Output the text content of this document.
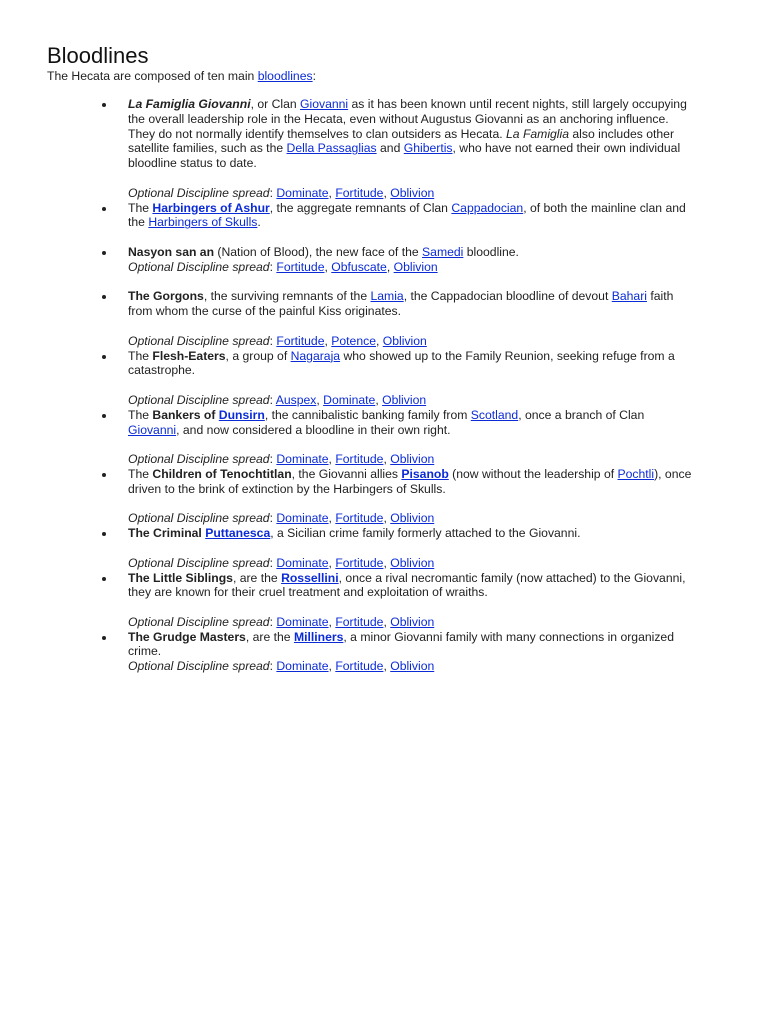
Bloodlines

The Hecata are composed of ten main bloodlines:

La Famiglia Giovanni, or Clan Giovanni as it has been known until recent nights, still largely occupying the overall leadership role in the Hecata, even without Augustus Giovanni as an anchoring influence. They do not normally identify themselves to clan outsiders as Hecata. La Famiglia also includes other satellite families, such as the Della Passaglias and Ghibertis, who have not earned their own individual bloodline status to date.

Optional Discipline spread: Dominate, Fortitude, Oblivion

The Harbingers of Ashur, the aggregate remnants of Clan Cappadocian, of both the mainline clan and the Harbingers of Skulls.

Nasyon san an (Nation of Blood), the new face of the Samedi bloodline.

Optional Discipline spread: Fortitude, Obfuscate, Oblivion

The Gorgons, the surviving remnants of the Lamia, the Cappadocian bloodline of devout Bahari faith from whom the curse of the painful Kiss originates.

Optional Discipline spread: Fortitude, Potence, Oblivion

The Flesh-Eaters, a group of Nagaraja who showed up to the Family Reunion, seeking refuge from a catastrophe.

Optional Discipline spread: Auspex, Dominate, Oblivion

The Bankers of Dunsirn, the cannibalistic banking family from Scotland, once a branch of Clan Giovanni, and now considered a bloodline in their own right.

Optional Discipline spread: Dominate, Fortitude, Oblivion

The Children of Tenochtitlan, the Giovanni allies Pisanob (now without the leadership of Pochtli), once driven to the brink of extinction by the Harbingers of Skulls.

Optional Discipline spread: Dominate, Fortitude, Oblivion

The Criminal Puttanesca, a Sicilian crime family formerly attached to the Giovanni.

Optional Discipline spread: Dominate, Fortitude, Oblivion

The Little Siblings, are the Rossellini, once a rival necromantic family (now attached) to the Giovanni, they are known for their cruel treatment and exploitation of wraiths.

Optional Discipline spread: Dominate, Fortitude, Oblivion

The Grudge Masters, are the Milliners, a minor Giovanni family with many connections in organized crime.

Optional Discipline spread: Dominate, Fortitude, Oblivion
